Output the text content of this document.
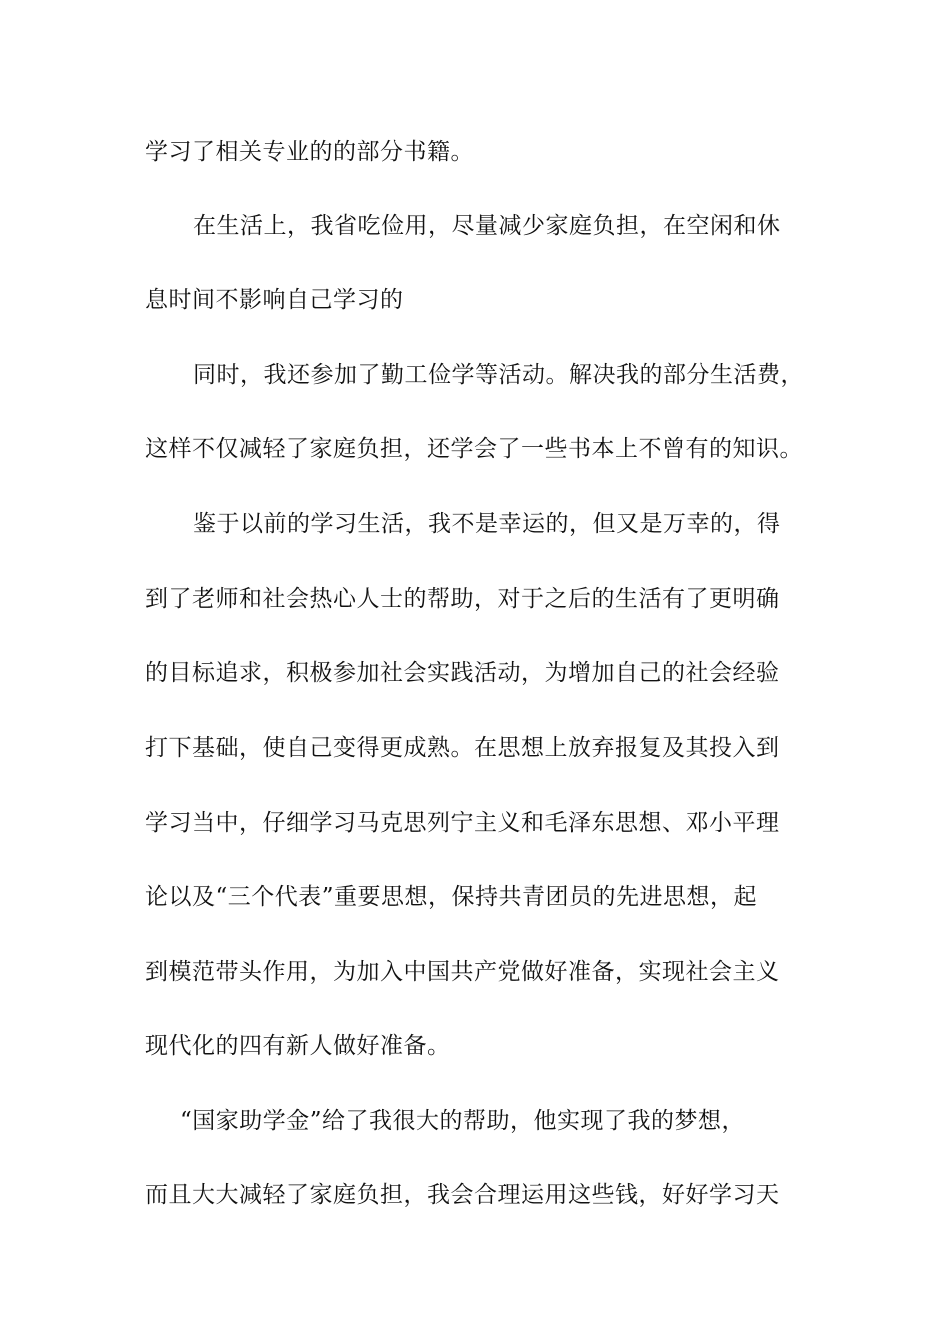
学习了相关专业的的部分书籍。

在生活上，我省吃俭用，尽量减少家庭负担，在空闲和休

息时间不影响自己学习的

同时，我还参加了勤工俭学等活动。解决我的部分生活费，

这样不仅减轻了家庭负担，还学会了一些书本上不曾有的知识。

鉴于以前的学习生活，我不是幸运的，但又是万幸的，得

到了老师和社会热心人士的帮助，对于之后的生活有了更明确

的目标追求，积极参加社会实践活动，为增加自己的社会经验

打下基础，使自己变得更成熟。在思想上放弃报复及其投入到

学习当中，仔细学习马克思列宁主义和毛泽东思想、邓小平理

论以及“三个代表”重要思想，保持共青团员的先进思想，起

到模范带头作用，为加入中国共产党做好准备，实现社会主义

现代化的四有新人做好准备。

“国家助学金”给了我很大的帮助，他实现了我的梦想，

而且大大减轻了家庭负担，我会合理运用这些钱，好好学习天
